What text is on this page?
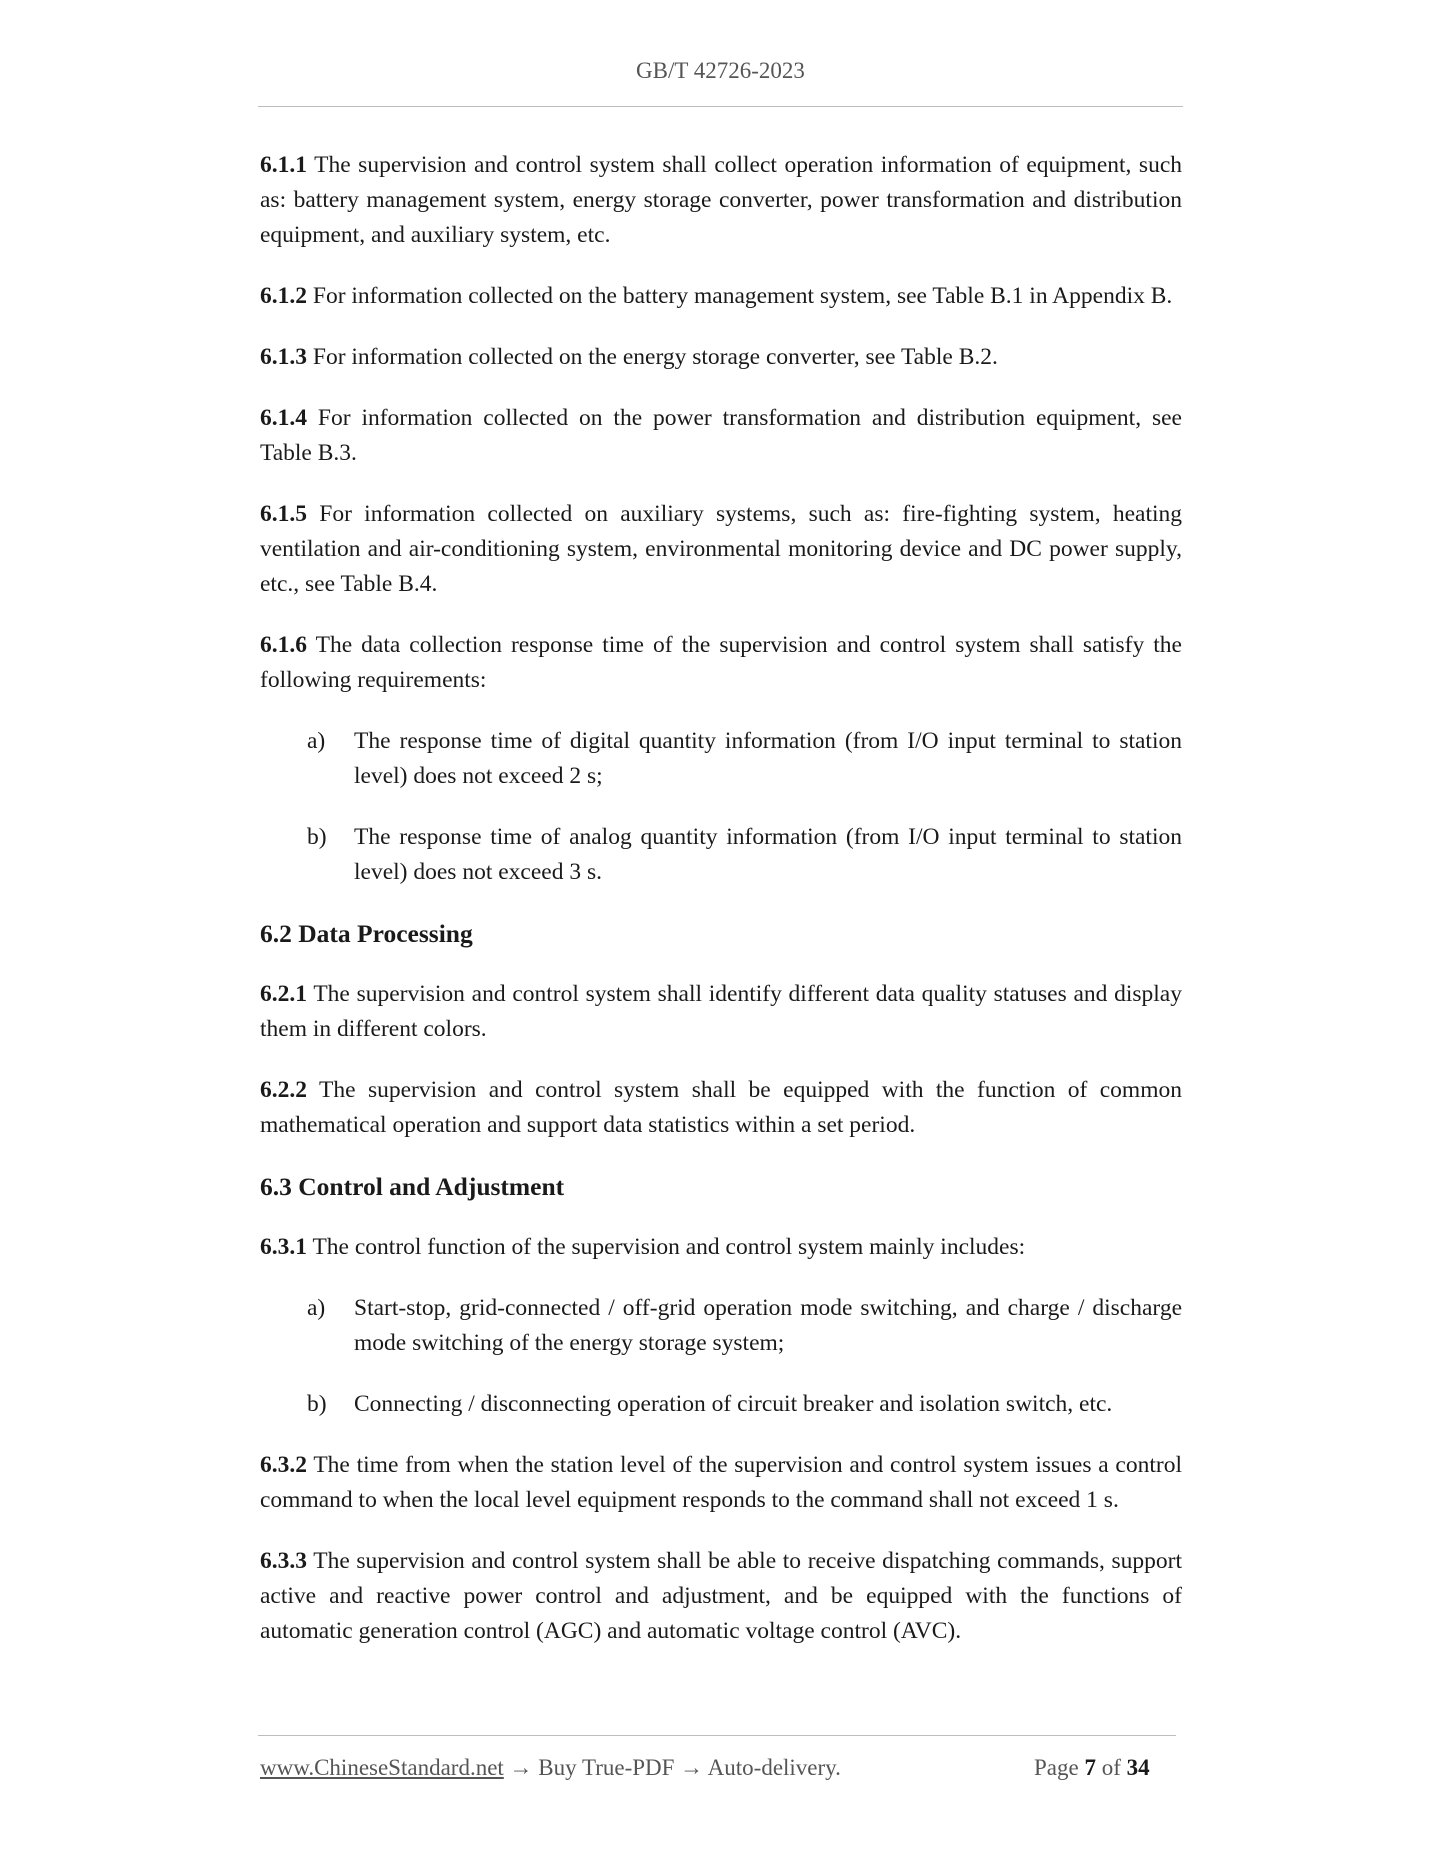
GB/T 42726-2023

6.1.1 The supervision and control system shall collect operation information of equipment, such as: battery management system, energy storage converter, power transformation and distribution equipment, and auxiliary system, etc.

6.1.2 For information collected on the battery management system, see Table B.1 in Appendix B.

6.1.3 For information collected on the energy storage converter, see Table B.2.

6.1.4 For information collected on the power transformation and distribution equipment, see Table B.3.

6.1.5 For information collected on auxiliary systems, such as: fire-fighting system, heating ventilation and air-conditioning system, environmental monitoring device and DC power supply, etc., see Table B.4.

6.1.6 The data collection response time of the supervision and control system shall satisfy the following requirements:

a) The response time of digital quantity information (from I/O input terminal to station level) does not exceed 2 s;
b) The response time of analog quantity information (from I/O input terminal to station level) does not exceed 3 s.
6.2 Data Processing

6.2.1 The supervision and control system shall identify different data quality statuses and display them in different colors.

6.2.2 The supervision and control system shall be equipped with the function of common mathematical operation and support data statistics within a set period.

6.3 Control and Adjustment

6.3.1 The control function of the supervision and control system mainly includes:

a) Start-stop, grid-connected / off-grid operation mode switching, and charge / discharge mode switching of the energy storage system;
b) Connecting / disconnecting operation of circuit breaker and isolation switch, etc.

6.3.2 The time from when the station level of the supervision and control system issues a control command to when the local level equipment responds to the command shall not exceed 1 s.

6.3.3 The supervision and control system shall be able to receive dispatching commands, support active and reactive power control and adjustment, and be equipped with the functions of automatic generation control (AGC) and automatic voltage control (AVC).

www.ChineseStandard.net → Buy True-PDF → Auto-delivery.	Page 7 of 34
